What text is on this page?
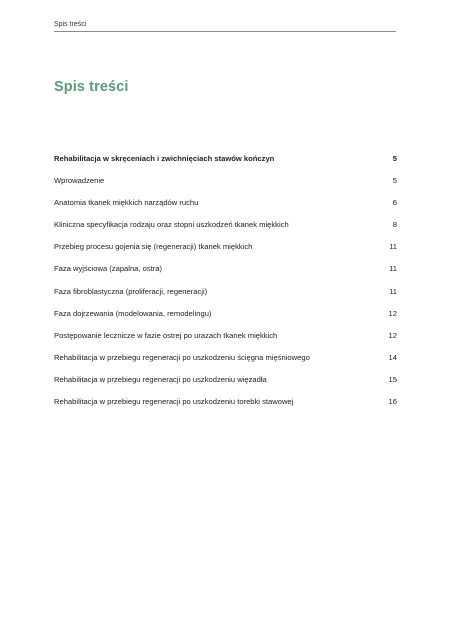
Spis treści
Spis treści
Rehabilitacja w skręceniach i zwichnięciach stawów kończyn	5
Wprowadzenie	5
Anatomia tkanek miękkich narządów ruchu	6
Kliniczna specyfikacja rodzaju oraz stopni uszkodzeń tkanek miękkich	8
Przebieg procesu gojenia się (regeneracji) tkanek miękkich	11
Faza wyjściowa (zapalna, ostra)	11
Faza fibroblastyczna (proliferacji, regeneracji)	11
Faza dojrzewania (modelowania, remodelingu)	12
Postępowanie lecznicze w fazie ostrej po urazach tkanek miękkich	12
Rehabilitacja w przebiegu regeneracji po uszkodzeniu ścięgna mięśniowego	14
Rehabilitacja w przebiegu regeneracji po uszkodzeniu więzadła	15
Rehabilitacja w przebiegu regeneracji po uszkodzeniu torebki stawowej	16
